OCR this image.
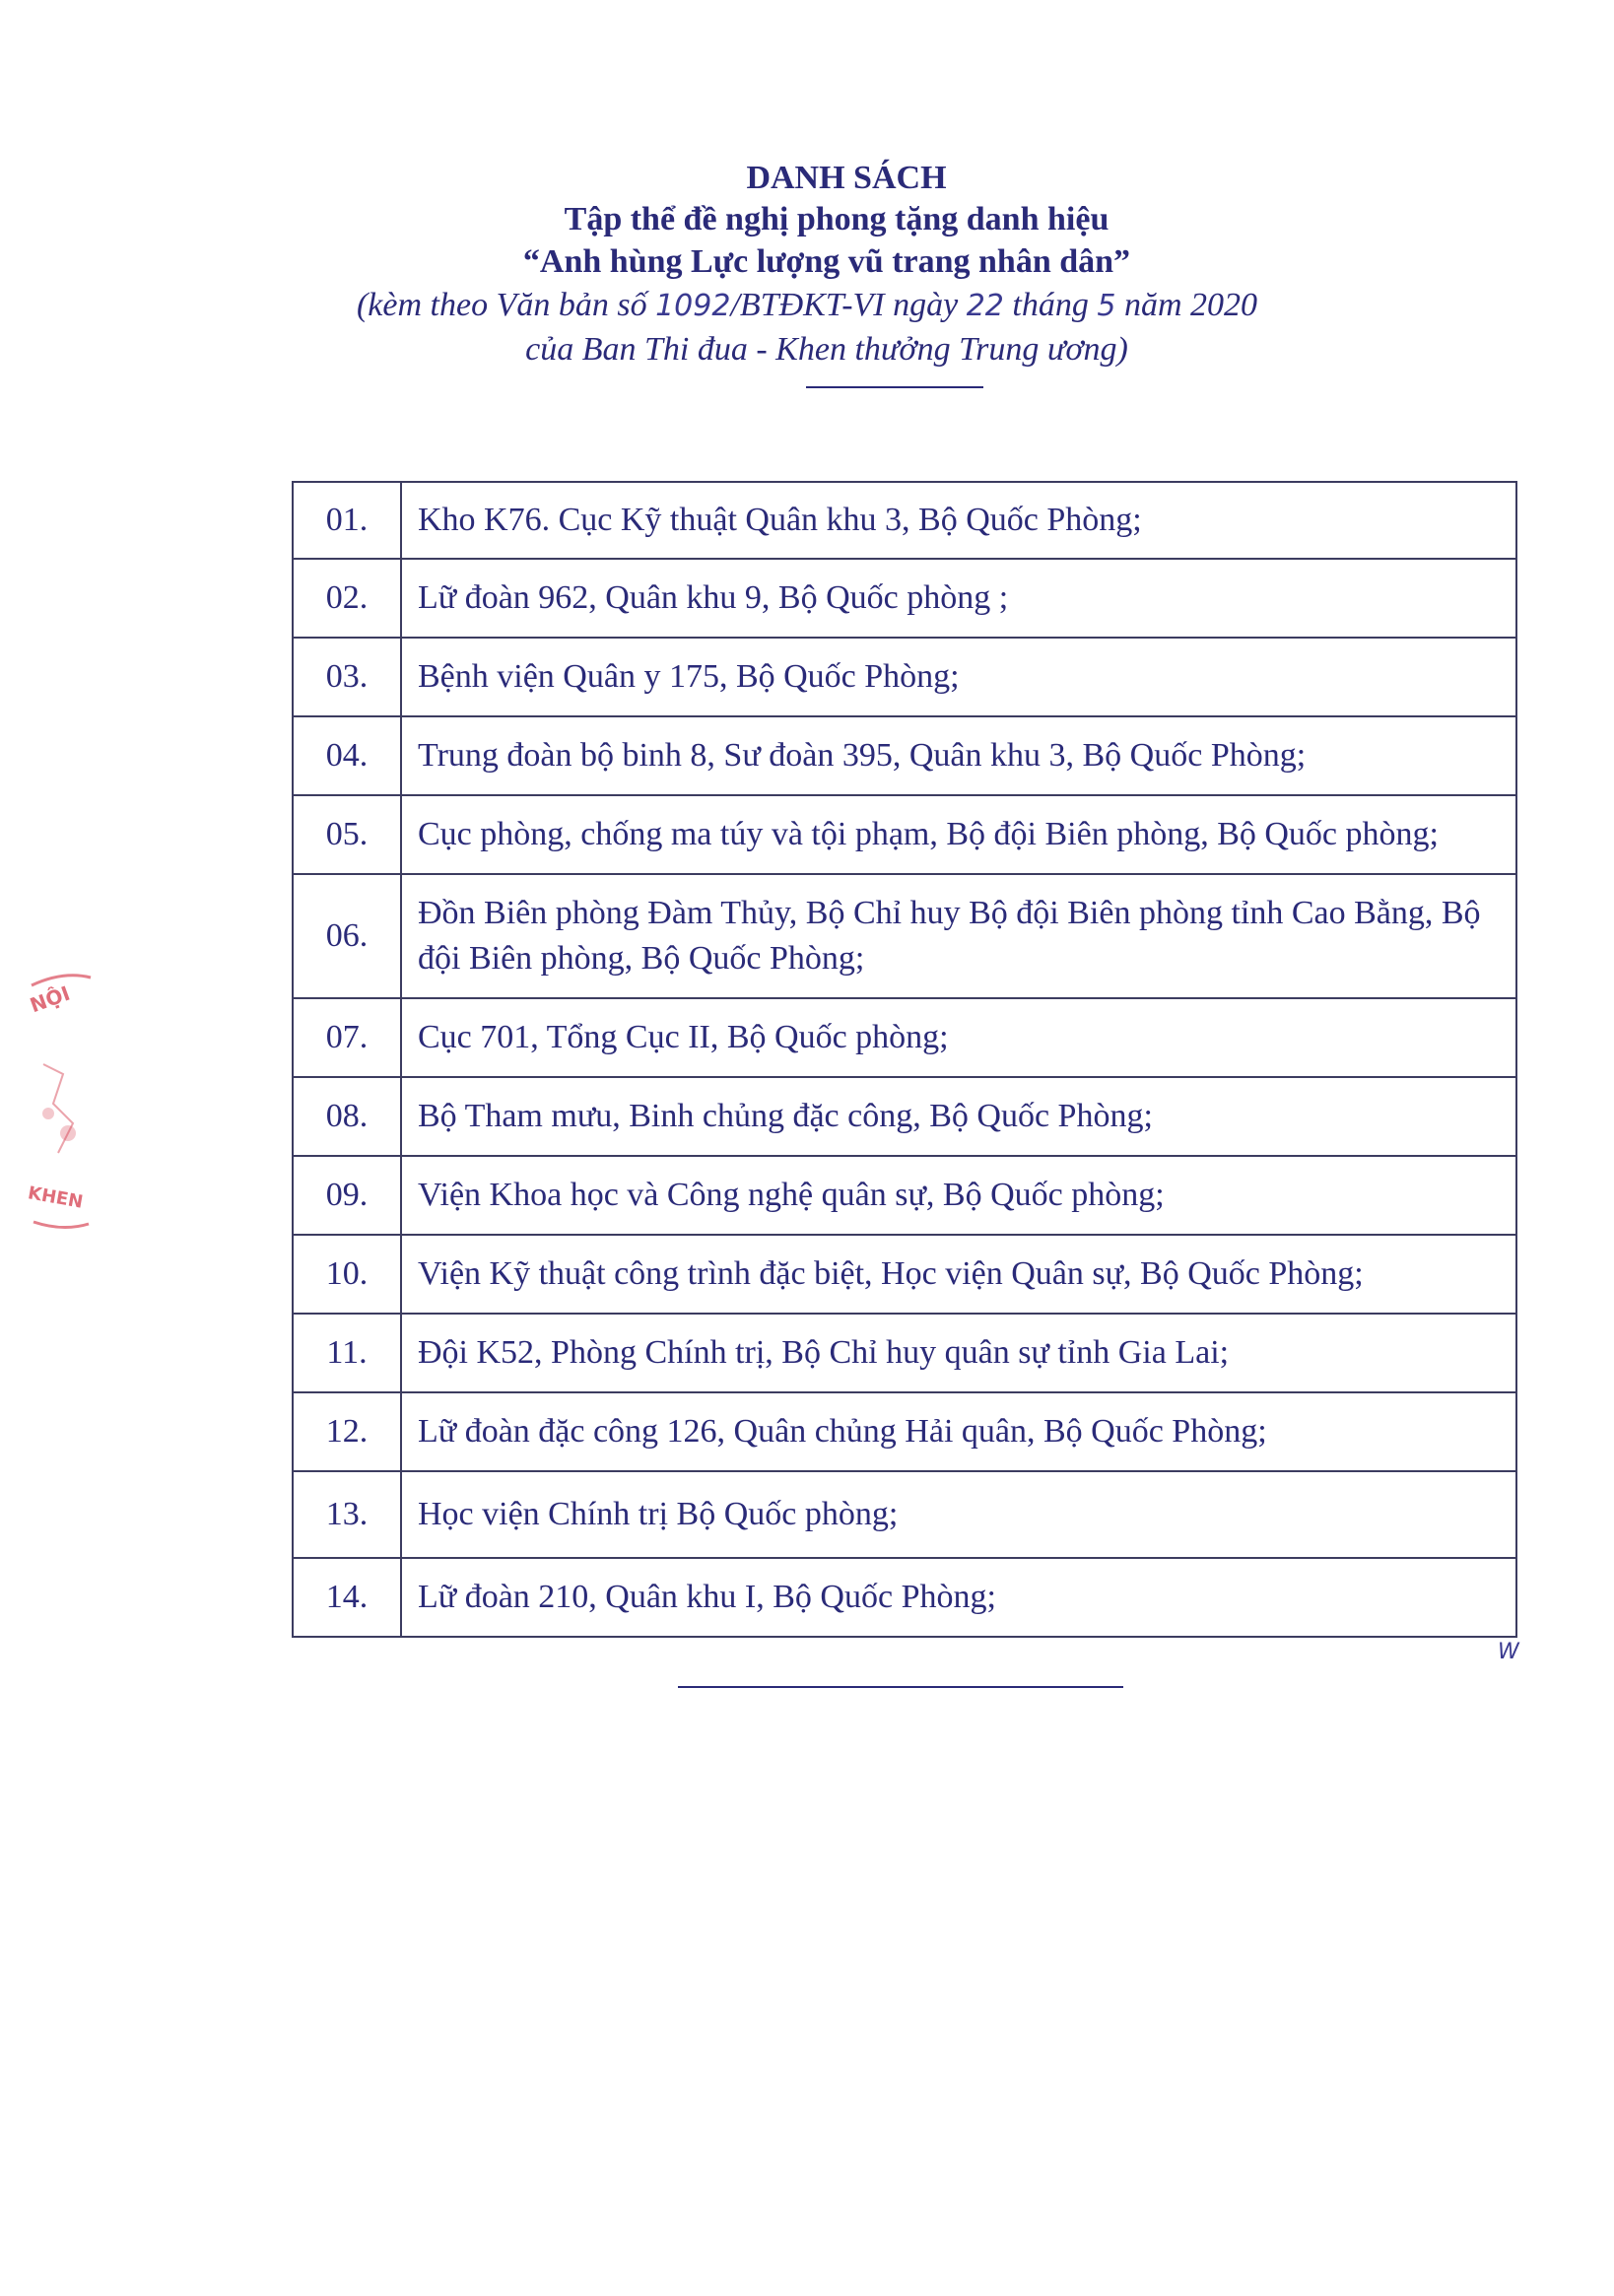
DANH SÁCH
Tập thể đề nghị phong tặng danh hiệu
“Anh hùng Lực lượng vũ trang nhân dân”
(kèm theo Văn bản số 1092/BTĐKT-VI ngày 22 tháng 5 năm 2020
của Ban Thi đua - Khen thưởng Trung ương)
01.	Kho K76. Cục Kỹ thuật Quân khu 3, Bộ Quốc Phòng;
02.	Lữ đoàn 962, Quân khu 9, Bộ Quốc phòng ;
03.	Bệnh viện Quân y 175, Bộ Quốc Phòng;
04.	Trung đoàn bộ binh 8, Sư đoàn 395, Quân khu 3, Bộ Quốc Phòng;
05.	Cục phòng, chống ma túy và tội phạm, Bộ đội Biên phòng, Bộ Quốc phòng;
06.	Đồn Biên phòng Đàm Thủy, Bộ Chỉ huy Bộ đội Biên phòng tỉnh Cao Bằng, Bộ đội Biên phòng, Bộ Quốc Phòng;
07.	Cục 701, Tổng Cục II, Bộ Quốc phòng;
08.	Bộ Tham mưu, Binh chủng đặc công, Bộ Quốc Phòng;
09.	Viện Khoa học và Công nghệ quân sự, Bộ Quốc phòng;
10.	Viện Kỹ thuật công trình đặc biệt, Học viện Quân sự, Bộ Quốc Phòng;
11.	Đội K52, Phòng Chính trị, Bộ Chỉ huy quân sự tỉnh Gia Lai;
12.	Lữ đoàn đặc công 126, Quân chủng Hải quân, Bộ Quốc Phòng;
13.	Học viện Chính trị Bộ Quốc phòng;
14.	Lữ đoàn 210, Quân khu I, Bộ Quốc Phòng;
W
NỘI
KHEN
